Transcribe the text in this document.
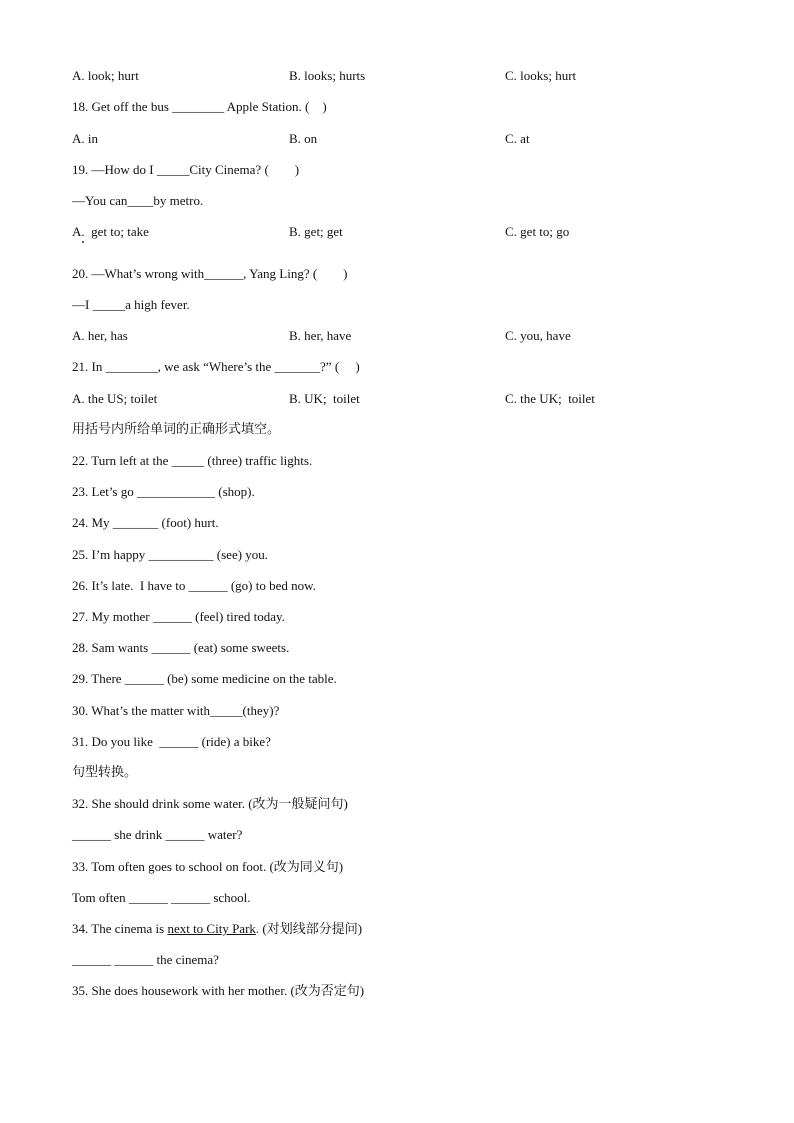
A. look; hurt	B. looks; hurts	C. looks; hurt
18. Get off the bus ________ Apple Station. (    )
A. in	B. on	C. at
19. —How do I _____City Cinema? (        )
—You can____by metro.
A.  get to; take	B. get; get	C. get to; go
20. —What’s wrong with______, Yang Ling? (        )
—I _____a high fever.
A. her, has	B. her, have	C. you, have
21. In ________, we ask “Where’s the _______?” (     )
A. the US; toilet	B. UK;  toilet	C. the UK;  toilet
用括号内所给单词的正确形式填空。
22. Turn left at the _____ (three) traffic lights.
23. Let’s go ____________ (shop).
24. My _______ (foot) hurt.
25. I’m happy __________ (see) you.
26. It’s late.  I have to ______ (go) to bed now.
27. My mother ______ (feel) tired today.
28. Sam wants ______ (eat) some sweets.
29. There ______ (be) some medicine on the table.
30. What’s the matter with_____(they)?
31. Do you like  ______ (ride) a bike?
句型转换。
32. She should drink some water. (改为一般疑问句)
______ she drink ______ water?
33. Tom often goes to school on foot. (改为同义句)
Tom often ______ ______ school.
34. The cinema is next to City Park. (对划线部分提问)
______ ______ the cinema?
35. She does housework with her mother. (改为否定句)
